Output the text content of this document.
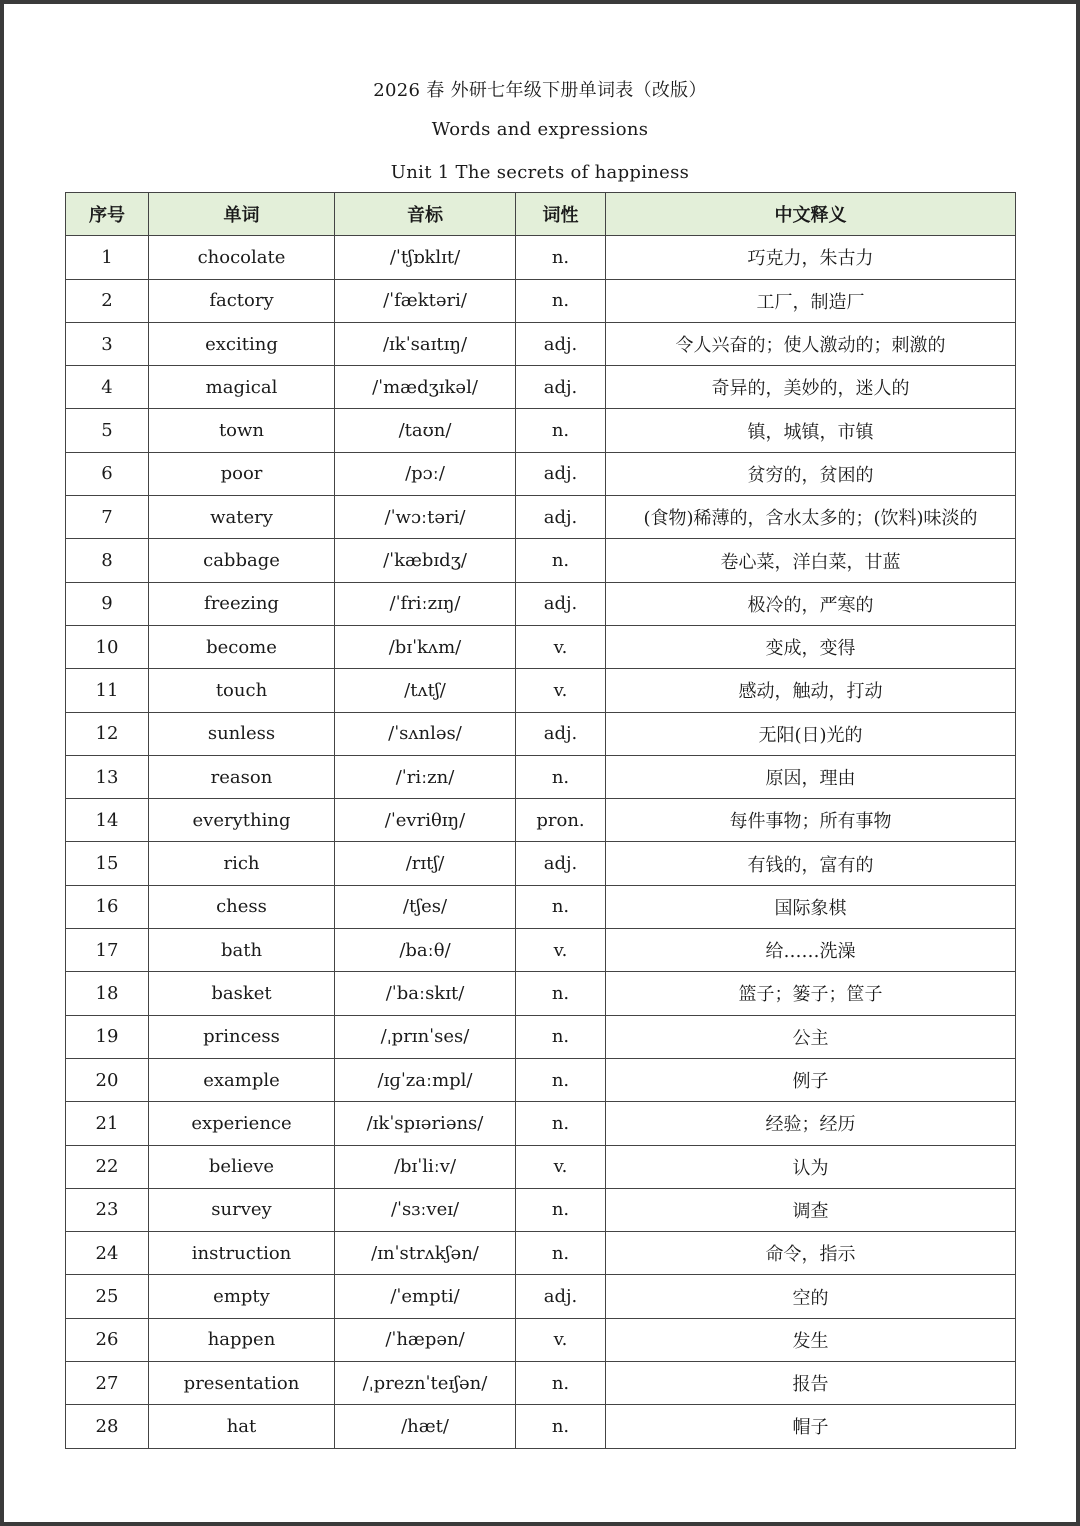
2026 春 外研七年级下册单词表（改版）
Words and expressions
Unit 1 The secrets of happiness
序号	单词	音标	词性	中文释义
1	chocolate	/ˈtʃɒklɪt/	n.	巧克力，朱古力
2	factory	/ˈfæktəri/	n.	工厂，制造厂
3	exciting	/ɪkˈsaɪtɪŋ/	adj.	令人兴奋的；使人激动的；刺激的
4	magical	/ˈmædʒɪkəl/	adj.	奇异的，美妙的，迷人的
5	town	/taʊn/	n.	镇，城镇，市镇
6	poor	/pɔː/	adj.	贫穷的，贫困的
7	watery	/ˈwɔːtəri/	adj.	(食物)稀薄的，含水太多的；(饮料)味淡的
8	cabbage	/ˈkæbɪdʒ/	n.	卷心菜，洋白菜，甘蓝
9	freezing	/ˈfriːzɪŋ/	adj.	极冷的，严寒的
10	become	/bɪˈkʌm/	v.	变成，变得
11	touch	/tʌtʃ/	v.	感动，触动，打动
12	sunless	/ˈsʌnləs/	adj.	无阳(日)光的
13	reason	/ˈriːzn/	n.	原因，理由
14	everything	/ˈevriθɪŋ/	pron.	每件事物；所有事物
15	rich	/rɪtʃ/	adj.	有钱的，富有的
16	chess	/tʃes/	n.	国际象棋
17	bath	/baːθ/	v.	给……洗澡
18	basket	/ˈbaːskɪt/	n.	篮子；篓子；筐子
19	princess	/ˌprɪnˈses/	n.	公主
20	example	/ɪɡˈzaːmpl/	n.	例子
21	experience	/ɪkˈspɪəriəns/	n.	经验；经历
22	believe	/bɪˈliːv/	v.	认为
23	survey	/ˈsɜːveɪ/	n.	调查
24	instruction	/ɪnˈstrʌkʃən/	n.	命令，指示
25	empty	/ˈempti/	adj.	空的
26	happen	/ˈhæpən/	v.	发生
27	presentation	/ˌpreznˈteɪʃən/	n.	报告
28	hat	/hæt/	n.	帽子
